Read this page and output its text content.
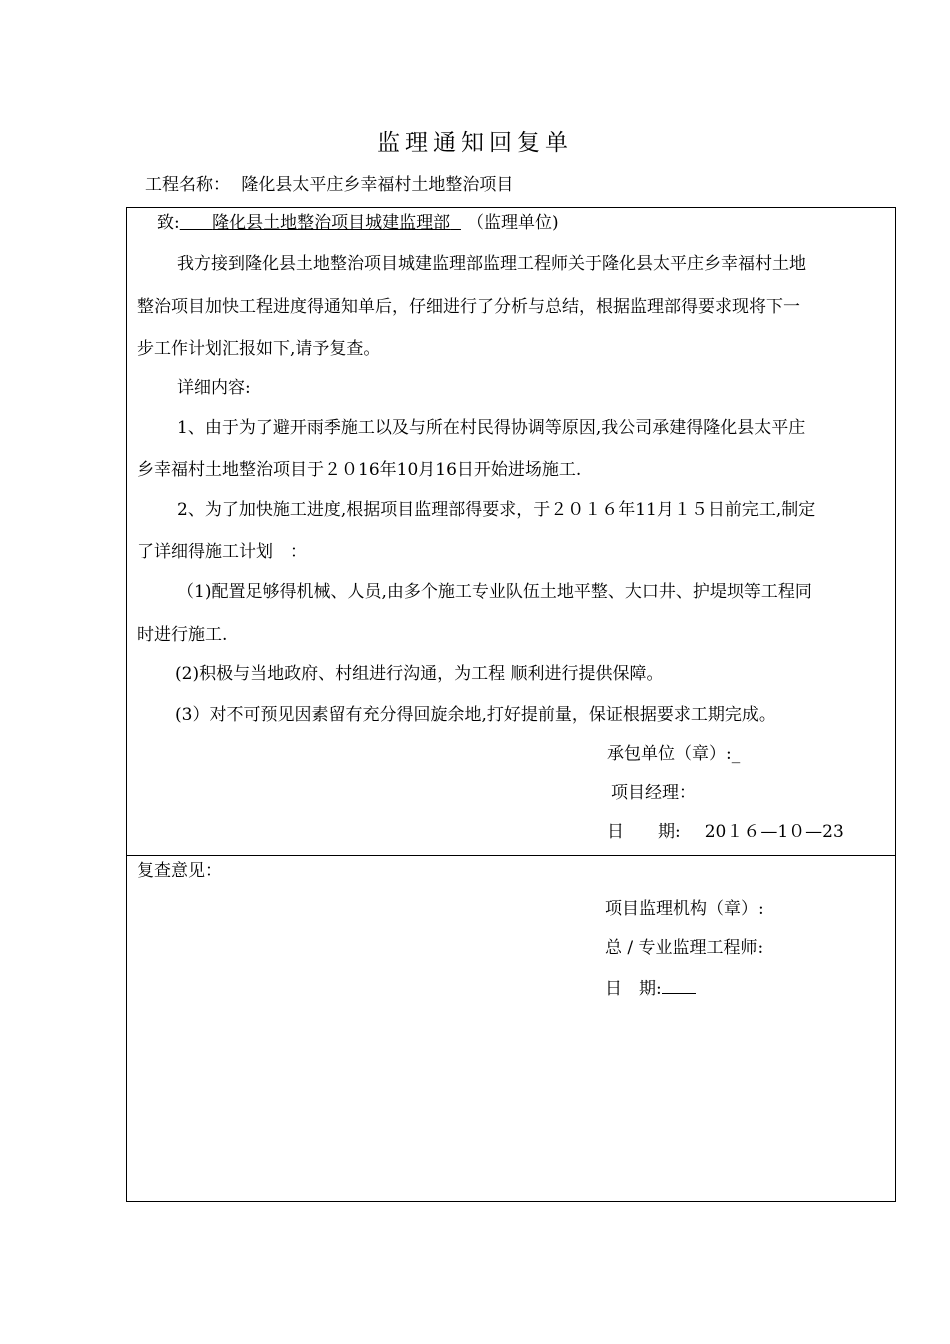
监理通知回复单
工程名称： 隆化县太平庄乡幸福村土地整治项目
致: 隆化县土地整治项目城建监理部 （监理单位)
我方接到隆化县土地整治项目城建监理部监理工程师关于隆化县太平庄乡幸福村土地
整治项目加快工程进度得通知单后，仔细进行了分析与总结，根据监理部得要求现将下一
步工作计划汇报如下,请予复查。
详细内容:
1、由于为了避开雨季施工以及与所在村民得协调等原因,我公司承建得隆化县太平庄
乡幸福村土地整治项目于２０16年10月16日开始进场施工.
2、为了加快施工进度,根据项目监理部得要求，于２０１６年11月１５日前完工,制定
了详细得施工计划　：
（1)配置足够得机械、人员,由多个施工专业队伍土地平整、大口井、护堤坝等工程同
时进行施工.
(2)积极与当地政府、村组进行沟通，为工程 顺利进行提供保障。
(3）对不可预见因素留有充分得回旋余地,打好提前量，保证根据要求工期完成。
承包单位（章）:_
项目经理：
日　　期: 20１６—1０—23
复查意见：
项目监理机构（章）:
总 / 专业监理工程师:
日　期:
